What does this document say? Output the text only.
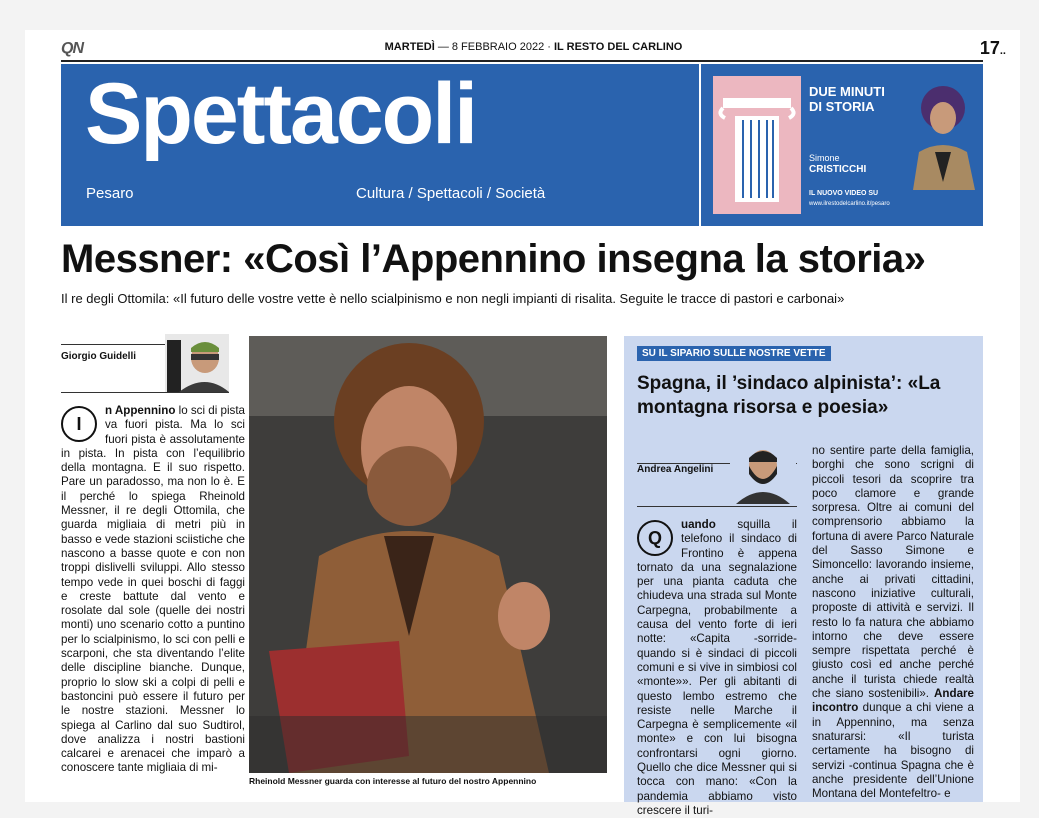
QN	MARTEDÌ — 8 FEBBRAIO 2022 · IL RESTO DEL CARLINO	17..
Spettacoli
Pesaro	Cultura / Spettacoli / Società
DUE MINUTI DI STORIA
Simone
CRISTICCHI
IL NUOVO VIDEO SU
www.ilrestodelcarlino.it/pesaro
Messner: «Così l’Appennino insegna la storia»
Il re degli Ottomila: «Il futuro delle vostre vette è nello scialpinismo e non negli impianti di risalita. Seguite le tracce di pastori e carbonai»
Giorgio Guidelli
I
n Appennino lo sci di pista va fuori pista. Ma lo sci fuori pista è assolutamente in pista. In pista con l’equilibrio della montagna. E il suo rispetto. Pare un paradosso, ma non lo è. E il perché lo spiega Rheinold Messner, il re degli Ottomila, che guarda migliaia di metri più in basso e vede stazioni sciistiche che nascono a basse quote e con non troppi dislivelli sviluppi. Allo stesso tempo vede in quei boschi di faggi e creste battute dal vento e rosolate dal sole (quelle dei nostri monti) uno scenario cotto a puntino per lo scialpinismo, lo sci con pelli e scarponi, che sta diventando l’elite delle discipline bianche. Dunque, proprio lo slow ski a colpi di pelli e bastoncini può essere il futuro per le nostre stazioni. Messner lo spiega al Carlino dal suo Sudtirol, dove analizza i nostri bastioni calcarei e arenacei che imparò a conoscere tante migliaia di mi-
Rheinold Messner guarda con interesse al futuro del nostro Appennino
SU IL SIPARIO SULLE NOSTRE VETTE
Spagna, il ’sindaco alpinista’: «La montagna risorsa e poesia»
Andrea Angelini
Q
uando squilla il telefono il sindaco di Frontino è appena tornato da una segnalazione per una pianta caduta che chiudeva una strada sul Monte Carpegna, probabilmente a causa del vento forte di ieri notte: «Capita -sorride- quando si è sindaci di piccoli comuni e si vive in simbiosi col «monte»». Per gli abitanti di questo lembo estremo che resiste nelle Marche il Carpegna è semplicemente «il monte» e con lui bisogna confrontarsi ogni giorno. Quello che dice Messner qui si tocca con mano: «Con la pandemia abbiamo visto crescere il turi-
no sentire parte della famiglia, borghi che sono scrigni di piccoli tesori da scoprire tra poco clamore e grande sorpresa. Oltre ai comuni del comprensorio abbiamo la fortuna di avere Parco Naturale del Sasso Simone e Simoncello: lavorando insieme, anche ai privati cittadini, nascono iniziative culturali, proposte di attività e servizi. Il resto lo fa natura che abbiamo intorno che deve essere sempre rispettata perché è giusto così ed anche perché anche il turista chiede realtà che siano sostenibili». Andare incontro dunque a chi viene a in Appennino, ma senza snaturarsi: «Il turista certamente ha bisogno di servizi -continua Spagna che è anche presidente dell’Unione Montana del Montefeltro- e
